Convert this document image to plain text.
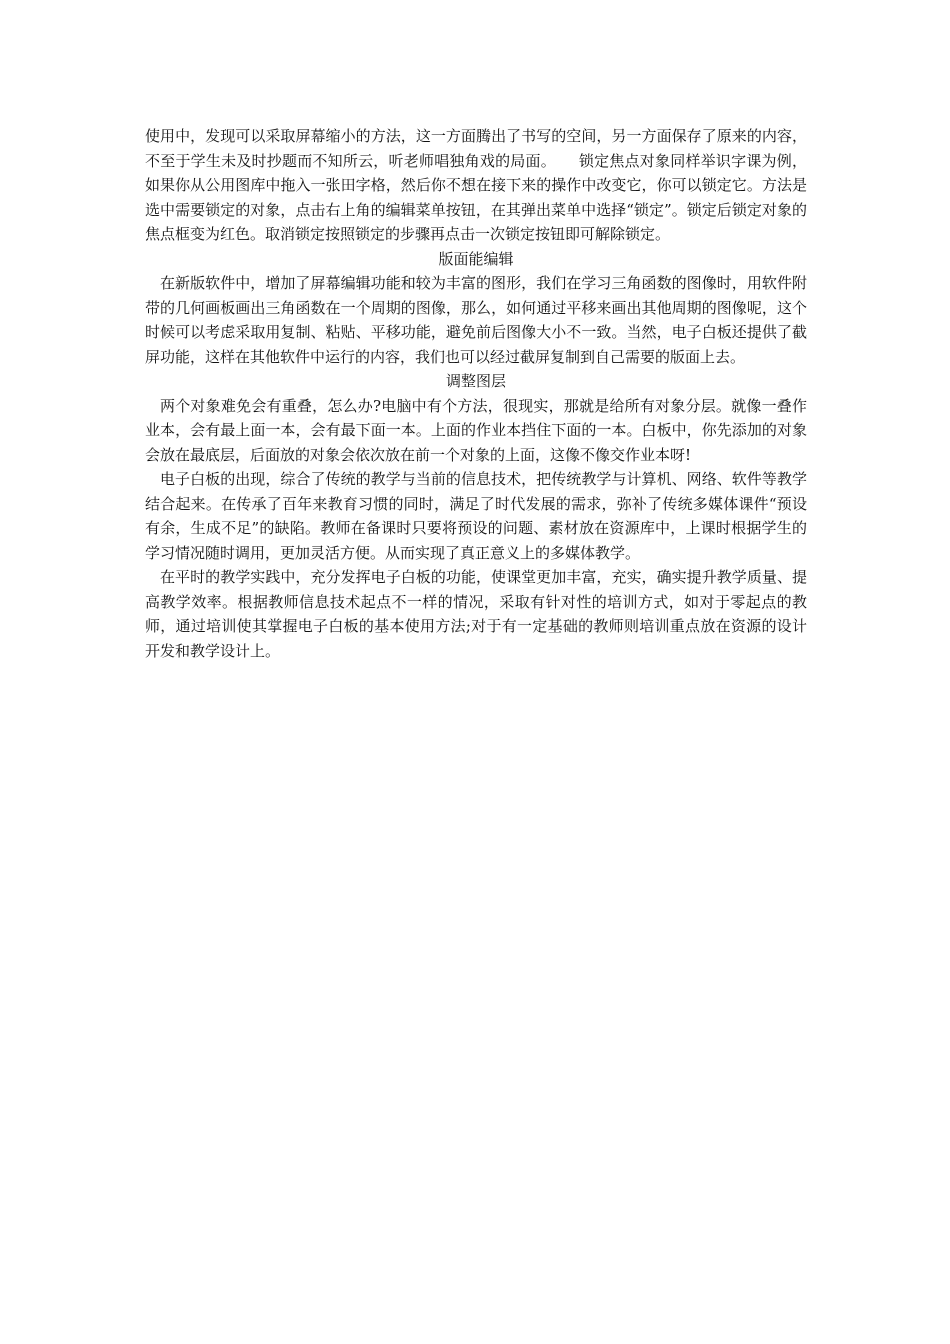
使用中，发现可以采取屏幕缩小的方法，这一方面腾出了书写的空间，另一方面保存了原来的内容，不至于学生未及时抄题而不知所云，听老师唱独角戏的局面。　　锁定焦点对象同样举识字课为例，如果你从公用图库中拖入一张田字格，然后你不想在接下来的操作中改变它，你可以锁定它。方法是选中需要锁定的对象，点击右上角的编辑菜单按钮，在其弹出菜单中选择“锁定”。锁定后锁定对象的焦点框变为红色。取消锁定按照锁定的步骤再点击一次锁定按钮即可解除锁定。

版面能编辑

在新版软件中，增加了屏幕编辑功能和较为丰富的图形，我们在学习三角函数的图像时，用软件附带的几何画板画出三角函数在一个周期的图像，那么，如何通过平移来画出其他周期的图像呢，这个时候可以考虑采取用复制、粘贴、平移功能，避免前后图像大小不一致。当然，电子白板还提供了截屏功能，这样在其他软件中运行的内容，我们也可以经过截屏复制到自己需要的版面上去。

调整图层

两个对象难免会有重叠，怎么办?电脑中有个方法，很现实，那就是给所有对象分层。就像一叠作业本，会有最上面一本，会有最下面一本。上面的作业本挡住下面的一本。白板中，你先添加的对象会放在最底层，后面放的对象会依次放在前一个对象的上面，这像不像交作业本呀!

电子白板的出现，综合了传统的教学与当前的信息技术，把传统教学与计算机、网络、软件等教学结合起来。在传承了百年来教育习惯的同时，满足了时代发展的需求，弥补了传统多媒体课件“预设有余，生成不足”的缺陷。教师在备课时只要将预设的问题、素材放在资源库中，上课时根据学生的学习情况随时调用，更加灵活方便。从而实现了真正意义上的多媒体教学。

在平时的教学实践中，充分发挥电子白板的功能，使课堂更加丰富，充实，确实提升教学质量、提高教学效率。根据教师信息技术起点不一样的情况，采取有针对性的培训方式，如对于零起点的教师，通过培训使其掌握电子白板的基本使用方法;对于有一定基础的教师则培训重点放在资源的设计开发和教学设计上。
